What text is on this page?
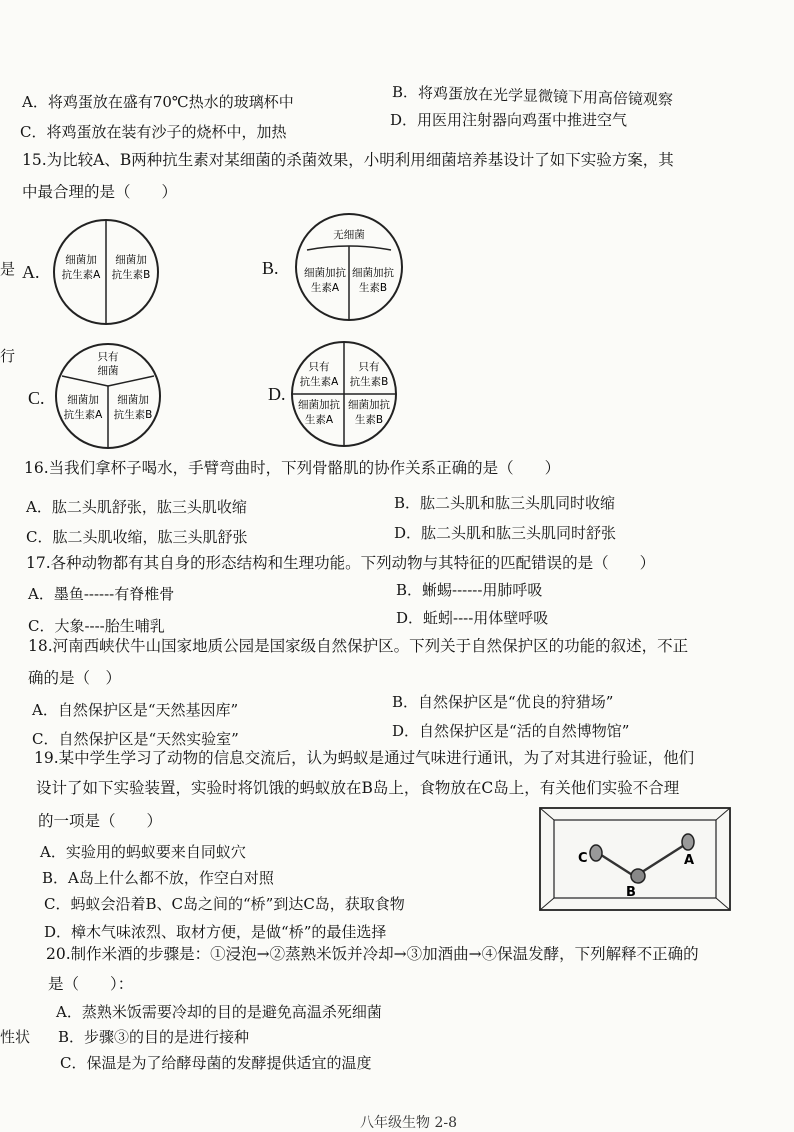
B．将鸡蛋放在光学显微镜下用高倍镜观察
A．将鸡蛋放在盛有70℃热水的玻璃杯中
D．用医用注射器向鸡蛋中推进空气
C．将鸡蛋放在装有沙子的烧杯中，加热
15.为比较A、B两种抗生素对某细菌的杀菌效果，小明利用细菌培养基设计了如下实验方案，其
中最合理的是（　　）
是
行
A.	B.
C.	D.
细菌加
抗生素A
细菌加
抗生素B
无细菌
细菌加抗
生素A
细菌加抗
生素B
只有
细菌
细菌加
抗生素A
细菌加
抗生素B
只有
抗生素A
只有
抗生素B
细菌加抗
生素A
细菌加抗
生素B
16.当我们拿杯子喝水，手臂弯曲时，下列骨骼肌的协作关系正确的是（　　）
A．肱二头肌舒张，肱三头肌收缩	B．肱二头肌和肱三头肌同时收缩
C．肱二头肌收缩，肱三头肌舒张	D．肱二头肌和肱三头肌同时舒张
17.各种动物都有其自身的形态结构和生理功能。下列动物与其特征的匹配错误的是（　　）
A．墨鱼------有脊椎骨	B．蜥蜴------用肺呼吸
C．大象----胎生哺乳	D．蚯蚓----用体壁呼吸
18.河南西峡伏牛山国家地质公园是国家级自然保护区。下列关于自然保护区的功能的叙述，不正
确的是（　）
A．自然保护区是“天然基因库”	B．自然保护区是“优良的狩猎场”
C．自然保护区是“天然实验室”	D．自然保护区是“活的自然博物馆”
19.某中学生学习了动物的信息交流后，认为蚂蚁是通过气味进行通讯，为了对其进行验证，他们
设计了如下实验装置，实验时将饥饿的蚂蚁放在B岛上，食物放在C岛上，有关他们实验不合理
的一项是（　　）
A．实验用的蚂蚁要来自同蚁穴
B．A岛上什么都不放，作空白对照
C．蚂蚁会沿着B、C岛之间的“桥”到达C岛，获取食物
D．樟木气味浓烈、取材方便，是做“桥”的最佳选择
C	A
B
20.制作米酒的步骤是：①浸泡→②蒸熟米饭并冷却→③加酒曲→④保温发酵，下列解释不正确的
是（　　）：
A．蒸熟米饭需要冷却的目的是避免高温杀死细菌
性状 B．步骤③的目的是进行接种
C．保温是为了给酵母菌的发酵提供适宜的温度
八年级生物 2-8
